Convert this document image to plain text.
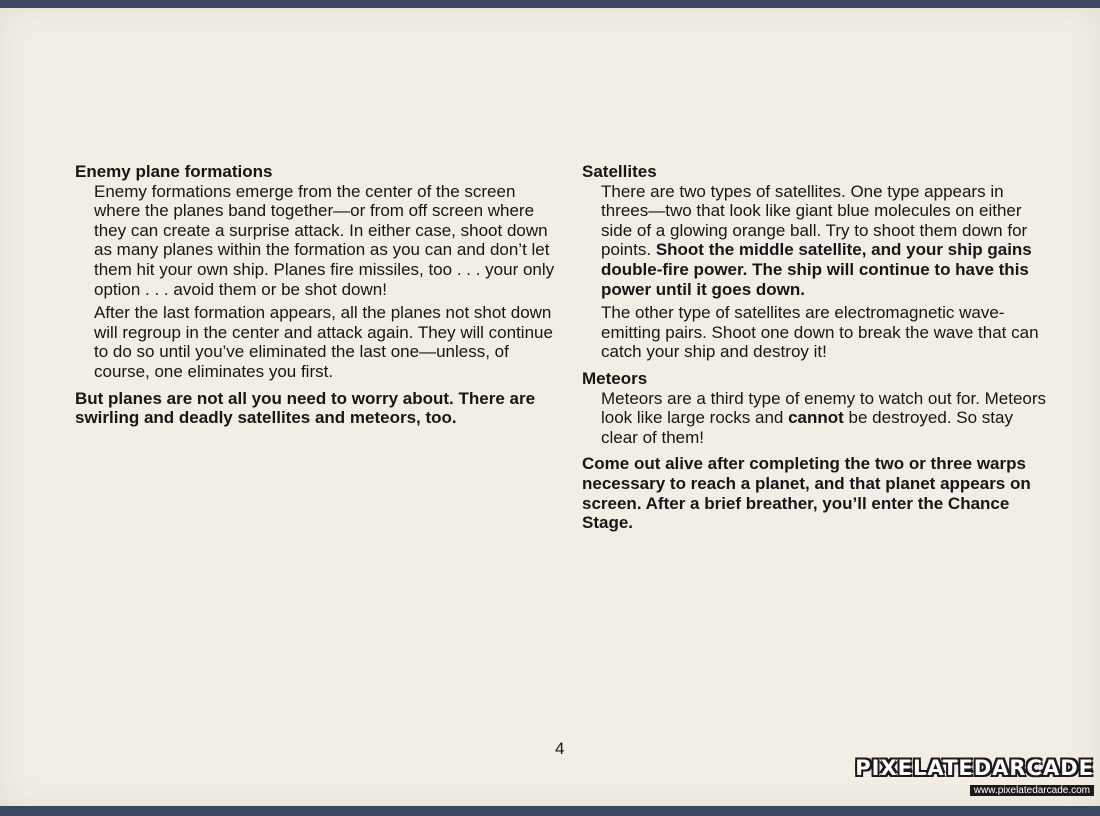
Enemy plane formations

Enemy formations emerge from the center of the screen where the planes band together—or from off screen where they can create a surprise attack. In either case, shoot down as many planes within the formation as you can and don’t let them hit your own ship. Planes fire missiles, too . . . your only option . . . avoid them or be shot down!

After the last formation appears, all the planes not shot down will regroup in the center and attack again. They will continue to do so until you’ve eliminated the last one—unless, of course, one eliminates you first.

But planes are not all you need to worry about. There are swirling and deadly satellites and meteors, too.

Satellites

There are two types of satellites. One type appears in threes—two that look like giant blue molecules on either side of a glowing orange ball. Try to shoot them down for points. Shoot the middle satellite, and your ship gains double-fire power. The ship will continue to have this power until it goes down.

The other type of satellites are electromagnetic wave-emitting pairs. Shoot one down to break the wave that can catch your ship and destroy it!

Meteors

Meteors are a third type of enemy to watch out for. Meteors look like large rocks and cannot be destroyed. So stay clear of them!

Come out alive after completing the two or three warps necessary to reach a planet, and that planet appears on screen. After a brief breather, you’ll enter the Chance Stage.

4
PIXELATEDARCADE
www.pixelatedarcade.com
